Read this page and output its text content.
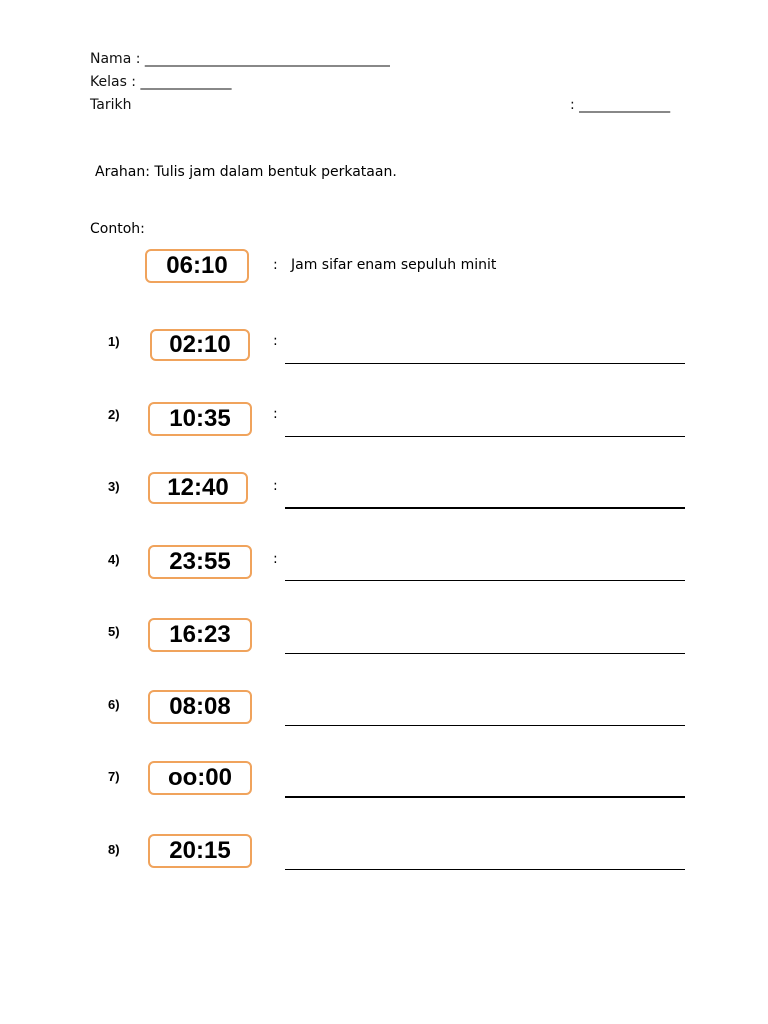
Nama : ___________________________________
Kelas : _____________
Tarikh	: _____________
Arahan: Tulis jam dalam bentuk perkataan.
Contoh:
06:10	: Jam sifar enam sepuluh minit
1)	02:10	:
2)	10:35	:
3)	12:40	:
4)	23:55	:
5)	16:23
6)	08:08
7)	oo:00
8)	20:15
